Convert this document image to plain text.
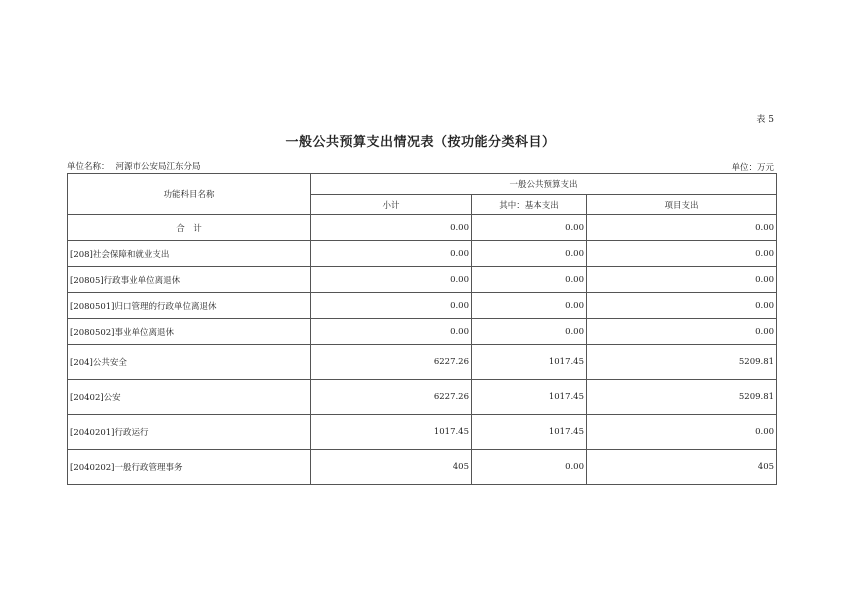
表 5
一般公共预算支出情况表（按功能分类科目）
单位名称： 河源市公安局江东分局	单位：万元
功能科目名称	一般公共预算支出		
	小计	其中：基本支出	项目支出
合　计	0.00	0.00	0.00
[208]社会保障和就业支出	0.00	0.00	0.00
[20805]行政事业单位离退休	0.00	0.00	0.00
[2080501]归口管理的行政单位离退休	0.00	0.00	0.00
[2080502]事业单位离退休	0.00	0.00	0.00
[204]公共安全	6227.26	1017.45	5209.81
[20402]公安	6227.26	1017.45	5209.81
[2040201]行政运行	1017.45	1017.45	0.00
[2040202]一般行政管理事务	405	0.00	405
